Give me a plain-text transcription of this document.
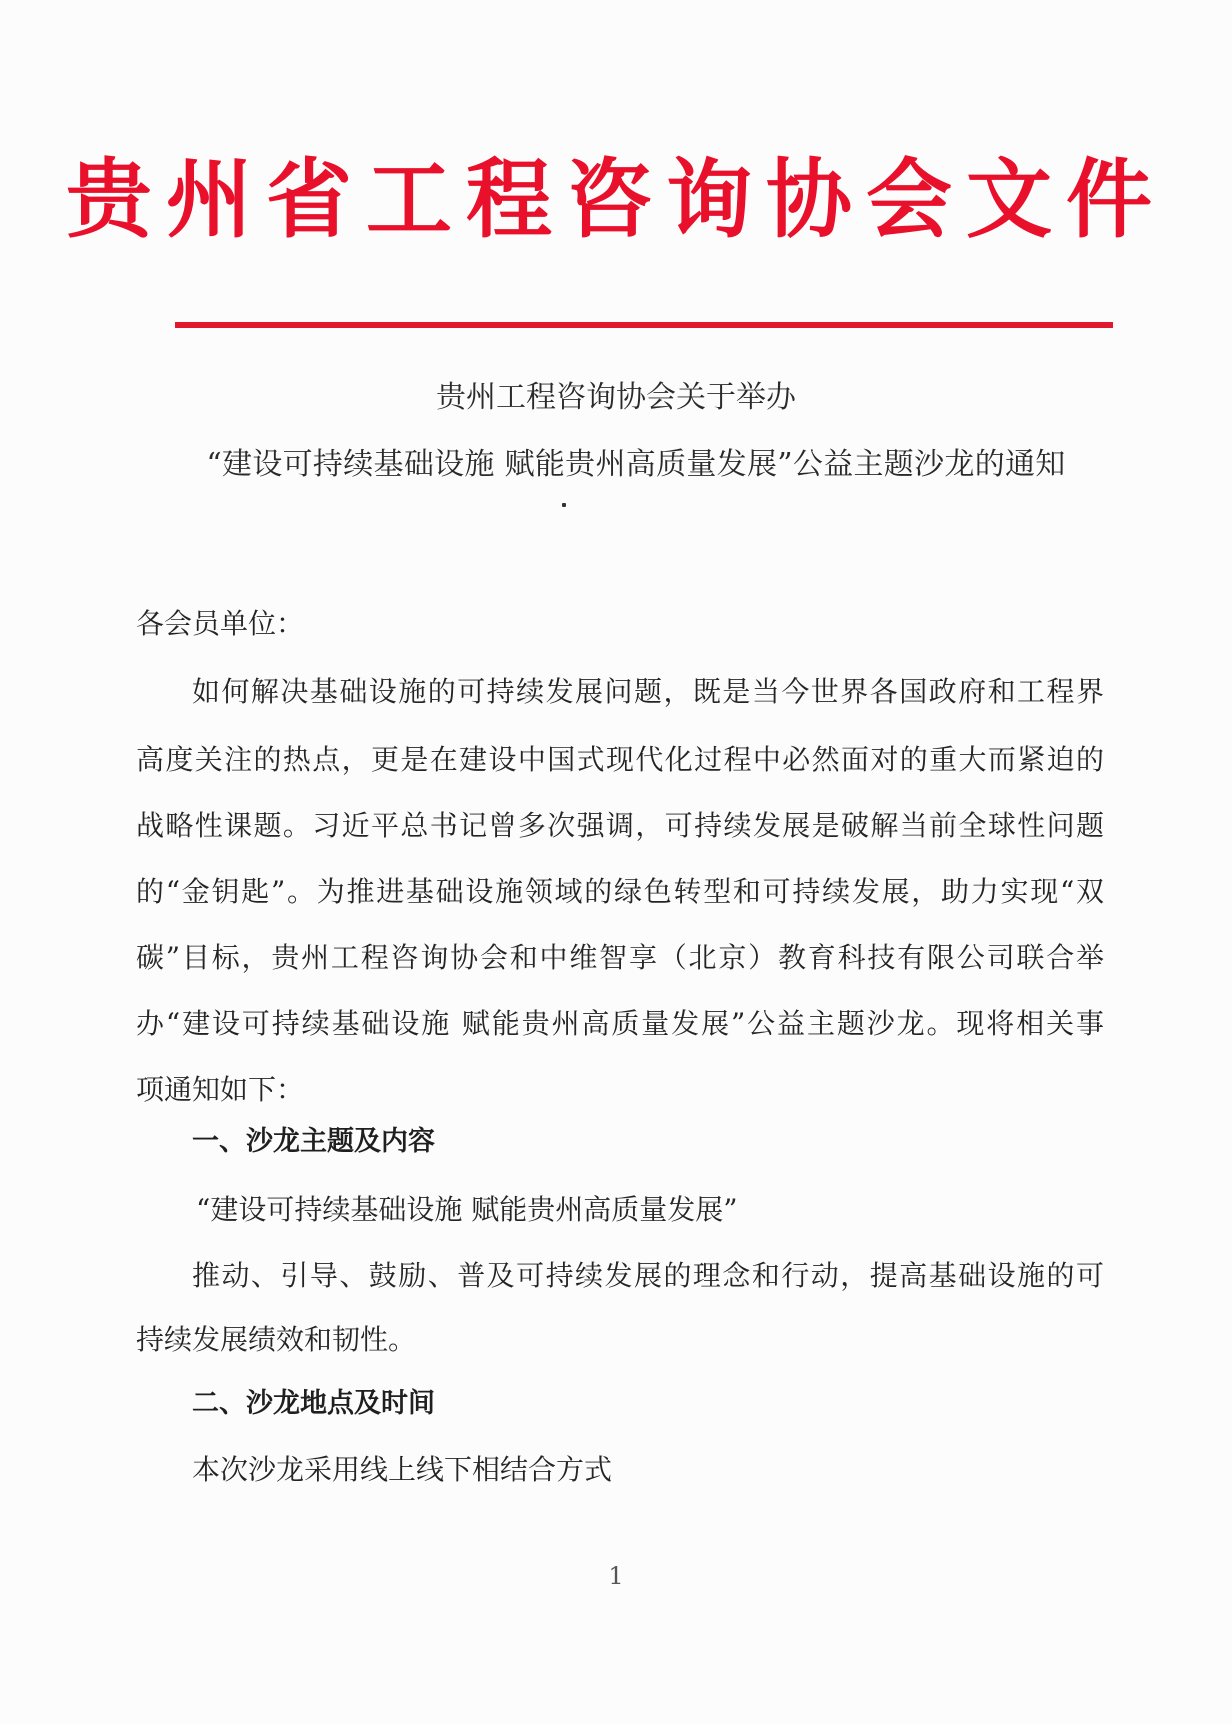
贵州省工程咨询协会文件
贵州工程咨询协会关于举办
“建设可持续基础设施 赋能贵州高质量发展”公益主题沙龙的通知
各会员单位：
如何解决基础设施的可持续发展问题，既是当今世界各国政府和工程界
高度关注的热点，更是在建设中国式现代化过程中必然面对的重大而紧迫的
战略性课题。习近平总书记曾多次强调，可持续发展是破解当前全球性问题
的“金钥匙”。为推进基础设施领域的绿色转型和可持续发展，助力实现“双
碳”目标，贵州工程咨询协会和中维智享（北京）教育科技有限公司联合举
办“建设可持续基础设施 赋能贵州高质量发展”公益主题沙龙。现将相关事
项通知如下：
一、沙龙主题及内容
“建设可持续基础设施 赋能贵州高质量发展”
推动、引导、鼓励、普及可持续发展的理念和行动，提高基础设施的可
持续发展绩效和韧性。
二、沙龙地点及时间
本次沙龙采用线上线下相结合方式
1
